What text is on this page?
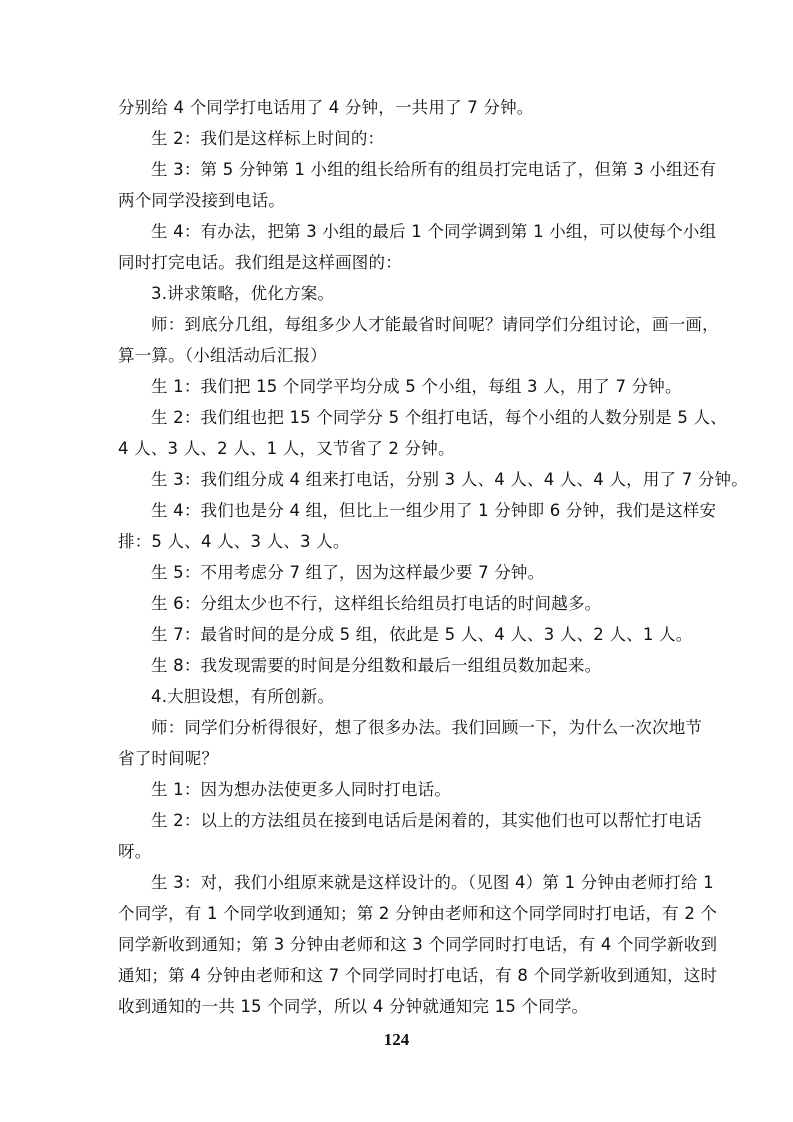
分别给 4 个同学打电话用了 4 分钟，一共用了 7 分钟。
生 2：我们是这样标上时间的：
生 3：第 5 分钟第 1 小组的组长给所有的组员打完电话了，但第 3 小组还有
两个同学没接到电话。
生 4：有办法，把第 3 小组的最后 1 个同学调到第 1 小组，可以使每个小组
同时打完电话。我们组是这样画图的：
3.讲求策略，优化方案。
师：到底分几组，每组多少人才能最省时间呢？请同学们分组讨论，画一画，
算一算。（小组活动后汇报）
生 1：我们把 15 个同学平均分成 5 个小组，每组 3 人，用了 7 分钟。
生 2：我们组也把 15 个同学分 5 个组打电话，每个小组的人数分别是 5 人、
4 人、3 人、2 人、1 人，又节省了 2 分钟。
生 3：我们组分成 4 组来打电话，分别 3 人、4 人、4 人、4 人，用了 7 分钟。
生 4：我们也是分 4 组，但比上一组少用了 1 分钟即 6 分钟，我们是这样安
排：5 人、4 人、3 人、3 人。
生 5：不用考虑分 7 组了，因为这样最少要 7 分钟。
生 6：分组太少也不行，这样组长给组员打电话的时间越多。
生 7：最省时间的是分成 5 组，依此是 5 人、4 人、3 人、2 人、1 人。
生 8：我发现需要的时间是分组数和最后一组组员数加起来。
4.大胆设想，有所创新。
师：同学们分析得很好，想了很多办法。我们回顾一下，为什么一次次地节
省了时间呢？
生 1：因为想办法使更多人同时打电话。
生 2：以上的方法组员在接到电话后是闲着的，其实他们也可以帮忙打电话
呀。
生 3：对，我们小组原来就是这样设计的。（见图 4）第 1 分钟由老师打给 1
个同学，有 1 个同学收到通知；第 2 分钟由老师和这个同学同时打电话，有 2 个
同学新收到通知；第 3 分钟由老师和这 3 个同学同时打电话，有 4 个同学新收到
通知；第 4 分钟由老师和这 7 个同学同时打电话，有 8 个同学新收到通知，这时
收到通知的一共 15 个同学，所以 4 分钟就通知完 15 个同学。
124
